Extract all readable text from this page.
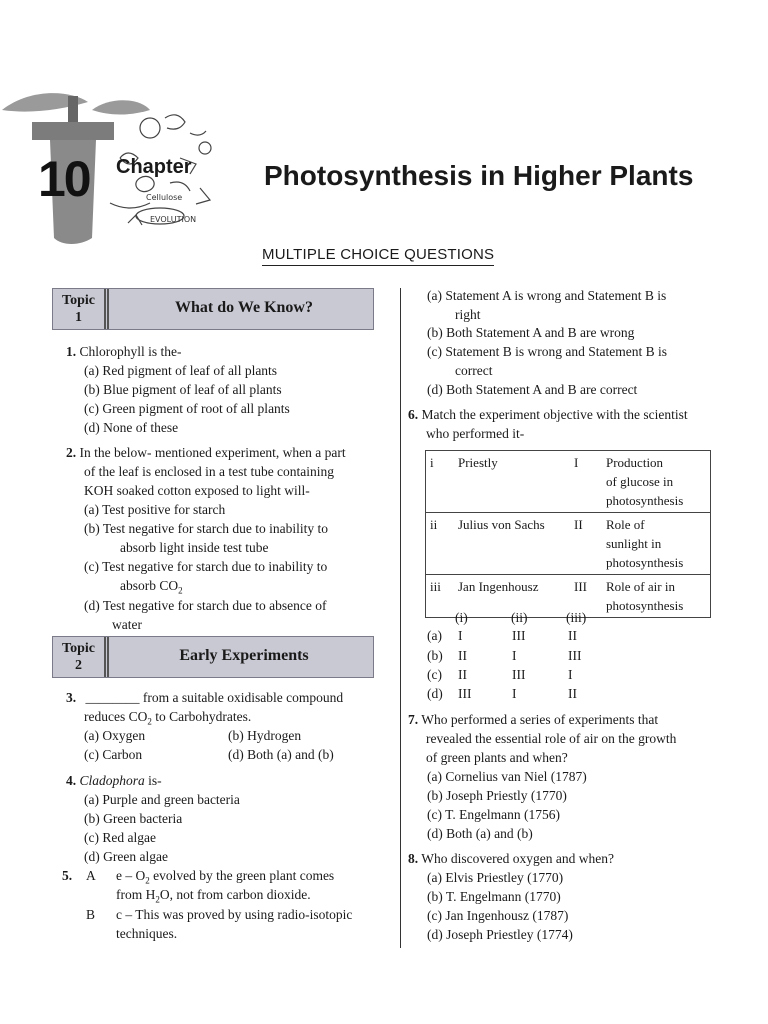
Cellulose
EVOLUTION
10 Chapter	Photosynthesis in Higher Plants
MULTIPLE CHOICE QUESTIONS
Topic
1
What do We Know?
1. Chlorophyll is the-
(a) Red pigment of leaf of all plants
(b) Blue pigment of leaf of all plants
(c) Green pigment of root of all plants
(d) None of these
2. In the below- mentioned experiment, when a part
of the leaf is enclosed in a test tube containing
KOH soaked cotton exposed to light will-
(a) Test positive for starch
(b) Test negative for starch due to inability to
absorb light inside test tube
(c) Test negative for starch due to inability to
absorb $CO_2$
(d) Test negative for starch due to absence of
water
Topic
2
Early Experiments
3. ________ from a suitable oxidisable compound
reduces $CO_2$ to Carbohydrates.
(a) Oxygen	(b) Hydrogen
(c) Carbon	(d) Both (a) and (b)
4. Cladophora is-
(a) Purple and green bacteria
(b) Green bacteria
(c) Red algae
(d) Green algae
5. A e – $O_2$ evolved by the green plant comes
from $H_2O$, not from carbon dioxide.
B c – This was proved by using radio-isotopic
techniques.
(a) Statement A is wrong and Statement B is
right
(b) Both Statement A and B are wrong
(c) Statement B is wrong and Statement B is
correct
(d) Both Statement A and B are correct
6. Match the experiment objective with the scientist
who performed it-
i	Priestly	I	Production
of glucose in
photosynthesis

ii	Julius von Sachs	II	Role of
sunlight in
photosynthesis

iii	Jan Ingenhousz	III	Role of air in
photosynthesis
(i)	(ii)	(iii)
(a) I	III	II
(b) II	I	III
(c) II	III	I
(d) III	I	II
7. Who performed a series of experiments that
revealed the essential role of air on the growth
of green plants and when?
(a) Cornelius van Niel (1787)
(b) Joseph Priestly (1770)
(c) T. Engelmann (1756)
(d) Both (a) and (b)
8. Who discovered oxygen and when?
(a) Elvis Priestley (1770)
(b) T. Engelmann (1770)
(c) Jan Ingenhousz (1787)
(d) Joseph Priestley (1774)
